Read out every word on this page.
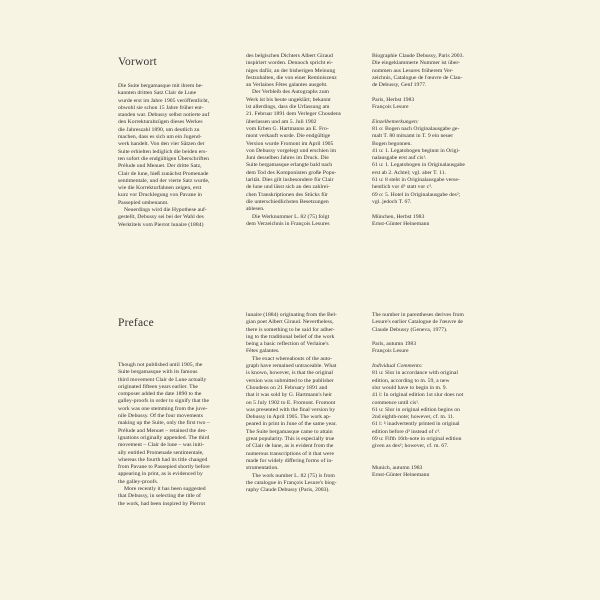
Vorwort

Die Suite bergamasque mit ihrem be-

kannten dritten Satz Clair de Lune

wurde erst im Jahre 1905 veröffentlicht,

obwohl sie schon 15 Jahre früher ent-

standen war. Debussy selbst notierte auf

den Korrekturabzügen dieses Werkes

die Jahreszahl 1890, um deutlich zu

machen, dass es sich um ein Jugend-

werk handelt. Von den vier Sätzen der

Suite erhielten lediglich die beiden ers-

ten sofort die endgültigen Überschriften

Prélude und Menuet. Der dritte Satz,

Clair de lune, hieß zunächst Promenade

sentimentale, und der vierte Satz wurde,

wie die Korrekturfahnen zeigen, erst

kurz vor Drucklegung von Pavane in

Passepied umbenannt.

Neuerdings wird die Hypothese auf-

gestellt, Debussy sei bei der Wahl des

Werktitels vom Pierrot lunaire (1884)

des belgischen Dichters Albert Giraud

inspiriert worden. Dennoch spricht ei-

niges dafür, an der bisherigen Meinung

festzuhalten, die von einer Reminiszenz

an Verlaines Fêtes galantes ausgeht.

Der Verbleib des Autographs zum

Werk ist bis heute ungeklärt; bekannt

ist allerdings, dass die Urfassung am

21. Februar 1891 dem Verleger Choudens

überlassen und am 5. Juli 1902

vom Erben G. Hartmanns an E. Fro-

mont verkauft wurde. Die endgültige

Version wurde Fromont im April 1905

von Debussy vorgelegt und erschien im

Juni desselben Jahres im Druck. Die

Suite bergamasque erlangte bald nach

dem Tod des Komponisten große Popu-

larität. Dies gilt insbesondere für Clair

de lune und lässt sich an den zahlrei-

chen Transkriptionen des Stücks für

die unterschiedlichsten Besetzungen

ablesen.

Die Werknummer L. 82 (75) folgt

dem Verzeichnis in François Lesures

Biographie Claude Debussy, Paris 2003.

Die eingeklammerte Nummer ist über-

nommen aus Lesures früherem Ver-

zeichnis, Catalogue de l'œuvre de Clau-

de Debussy, Genf 1977.

Paris, Herbst 1983

François Lesure

Einzelbemerkungen:

81 o: Bogen nach Originalausgabe ge-

malt T. 80 mitsamt in T. 9 ein neuer

Bogen begonnen.

41 u: 1. Legatobogen beginnt in Origi-

nalausgabe erst auf cis¹.

61 u: 1. Legatobogen in Originalausgabe

erst ab 2. Achtel; vgl. aber T. 11.

61 u: 8 steht in Originalausgabe verse-

hentlich vor d³ statt vor c³.

69 o: 5. Hotel in Originalausgabe des²;

vgl. jedoch T. 67.

München, Herbst 1983

Ernst-Günter Heinemann

Preface

Though not published until 1905, the

Suite bergamasque with its famous

third movement Clair de Lune actually

originated fifteen years earlier. The

composer added the date 1890 to the

galley-proofs in order to signify that the

work was one stemming from the juve-

nile Debussy. Of the four movements

making up the Suite, only the first two –

Prélude and Menuet – retained the des-

ignations originally appended. The third

movement – Clair de lune – was initi-

ally entitled Promenade sentimentale,

whereas the fourth had its title changed

from Pavane to Passepied shortly before

appearing in print, as is evidenced by

the galley-proofs.

More recently it has been suggested

that Debussy, in selecting the title of

the work, had been inspired by Pierrot

lunaire (1884) originating from the Bel-

gian poet Albert Giraud. Nevertheless,

there is something to be said for adher-

ing to the traditional belief of the work

being a basic reflection of Verlaine's

Fêtes galantes.

The exact whereabouts of the auto-

graph have remained untraceable. What

is known, however, is that the original

version was submitted to the publisher

Choudens on 21 February 1891 and

that it was sold by G. Hartmann's heir

on 5 July 1902 to E. Fromont. Fromont

was presented with the final version by

Debussy in April 1905. The work ap-

peared in print in June of the same year.

The Suite bergamasque came to attain

great popularity. This is especially true

of Clair de lune, as is evident from the

numerous transcriptions of it that were

made for widely differing forms of in-

strumentation.

The work number L. 82 (75) is from

the catalogue in François Lesure's biog-

raphy Claude Debussy (Paris, 2003).

The number in parentheses derives from

Lesure's earlier Catalogue de l'œuvre de

Claude Debussy (Geneva, 1977).

Paris, autumn 1983

François Lesure

Individual Comments:

81 u: Slur in accordance with original

edition, according to m. 59, a new

slur would have to begin in m. 9.

41 l: In original edition 1st slur does not

commence until cis¹.

61 u: Slur in original edition begins on

2nd eighth-note; however, cf. m. 11.

61 l: ♮ inadvertently printed in original

edition before d³ instead of c³.

69 u: Fifth 16th-note in original edition

given as des²; however, cf. m. 67.

Munich, autumn 1983

Ernst-Günter Heinemann
